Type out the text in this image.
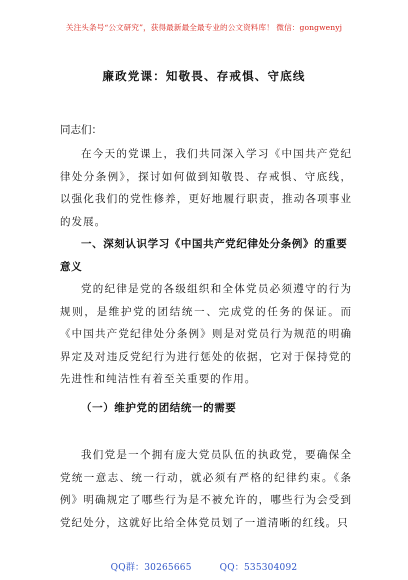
关注头条号“公文研究”，获得最新最全最专业的公文资料库！ 微信：gongwenyj
廉政党课：知敬畏、存戒惧、守底线
同志们：

在今天的党课上，我们共同深入学习《中国共产党纪律处分条例》，探讨如何做到知敬畏、存戒惧、守底线，以强化我们的党性修养，更好地履行职责，推动各项事业的发展。

一、深刻认识学习《中国共产党纪律处分条例》的重要意义

党的纪律是党的各级组织和全体党员必须遵守的行为规则，是维护党的团结统一、完成党的任务的保证。而《中国共产党纪律处分条例》则是对党员行为规范的明确界定及对违反党纪行为进行惩处的依据，它对于保持党的先进性和纯洁性有着至关重要的作用。

（一）维护党的团结统一的需要

我们党是一个拥有庞大党员队伍的执政党，要确保全党统一意志、统一行动，就必须有严格的纪律约束。《条例》明确规定了哪些行为是不被允许的，哪些行为会受到党纪处分，这就好比给全体党员划了一道清晰的红线。只

QQ群：30265665	QQ：535304092
